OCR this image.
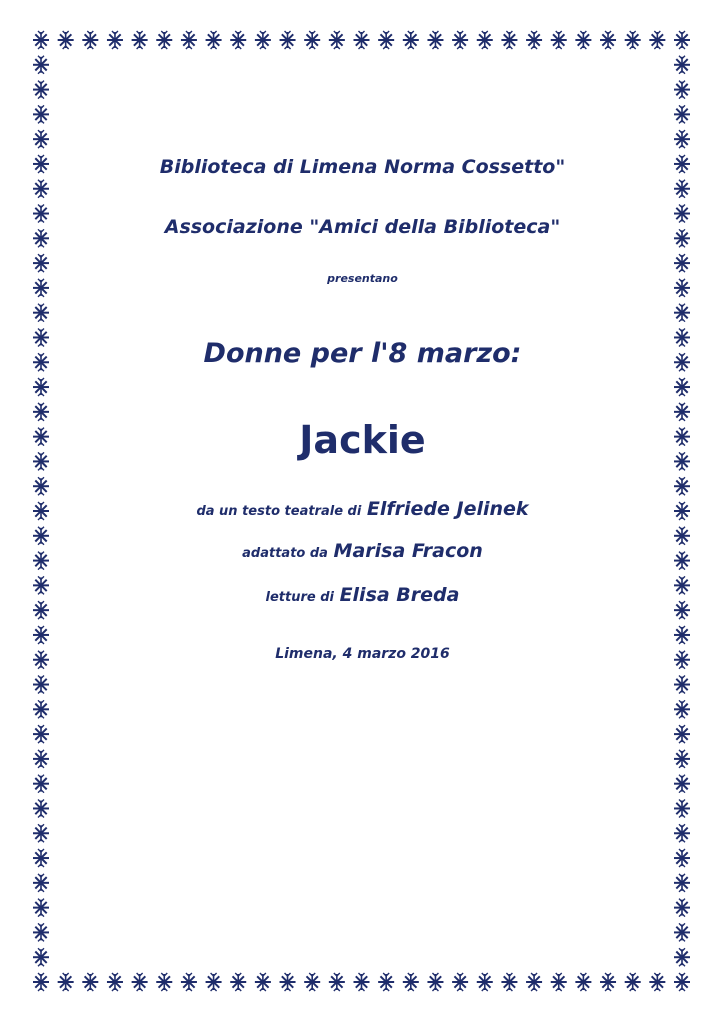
Biblioteca di Limena Norma Cossetto"
Associazione "Amici della Biblioteca"
presentano
Donne per l'8 marzo:
Jackie
da un testo teatrale di Elfriede Jelinek
adattato da Marisa Fracon
letture di Elisa Breda
Limena, 4 marzo 2016
